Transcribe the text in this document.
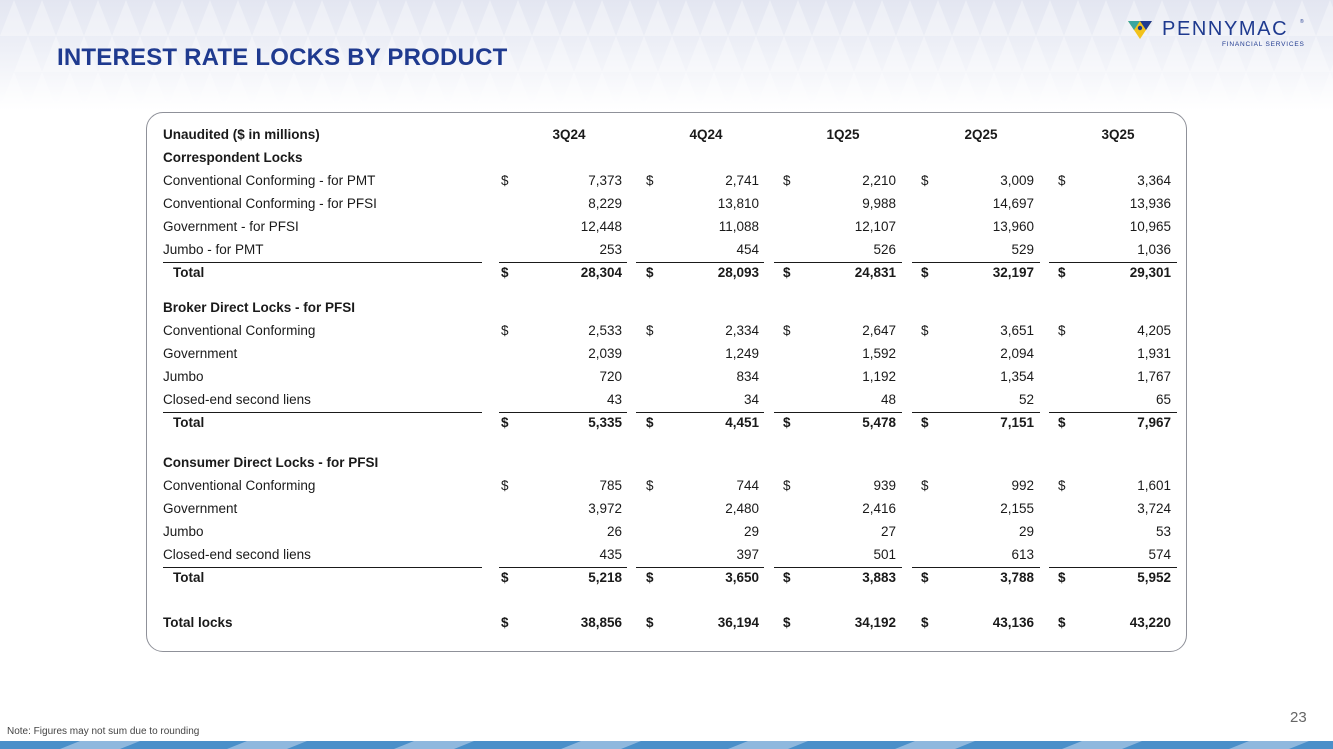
INTEREST RATE LOCKS BY PRODUCT
PENNYMAC ®
FINANCIAL SERVICES
Unaudited ($ in millions)	3Q24	4Q24	1Q25	2Q25	3Q25
Correspondent Locks
Conventional Conforming - for PMT	$	7,373 $	2,741 $	2,210 $	3,009 $	3,364
Conventional Conforming - for PFSI	8,229	13,810	9,988	14,697	13,936
Government - for PFSI	12,448	11,088	12,107	13,960	10,965
Jumbo - for PMT	253	454	526	529	1,036
Total	$	28,304 $	28,093 $	24,831 $	32,197 $	29,301
Broker Direct Locks - for PFSI
Conventional Conforming	$	2,533 $	2,334 $	2,647 $	3,651 $	4,205
Government	2,039	1,249	1,592	2,094	1,931
Jumbo	720	834	1,192	1,354	1,767
Closed-end second liens	43	34	48	52	65
Total	$	5,335 $	4,451 $	5,478 $	7,151 $	7,967
Consumer Direct Locks - for PFSI
Conventional Conforming	$	785 $	744 $	939 $	992 $	1,601
Government	3,972	2,480	2,416	2,155	3,724
Jumbo	26	29	27	29	53
Closed-end second liens	435	397	501	613	574
Total	$	5,218 $	3,650 $	3,883 $	3,788 $	5,952
Total locks	$	38,856 $	36,194 $	34,192 $	43,136 $	43,220
Note: Figures may not sum due to rounding
23
